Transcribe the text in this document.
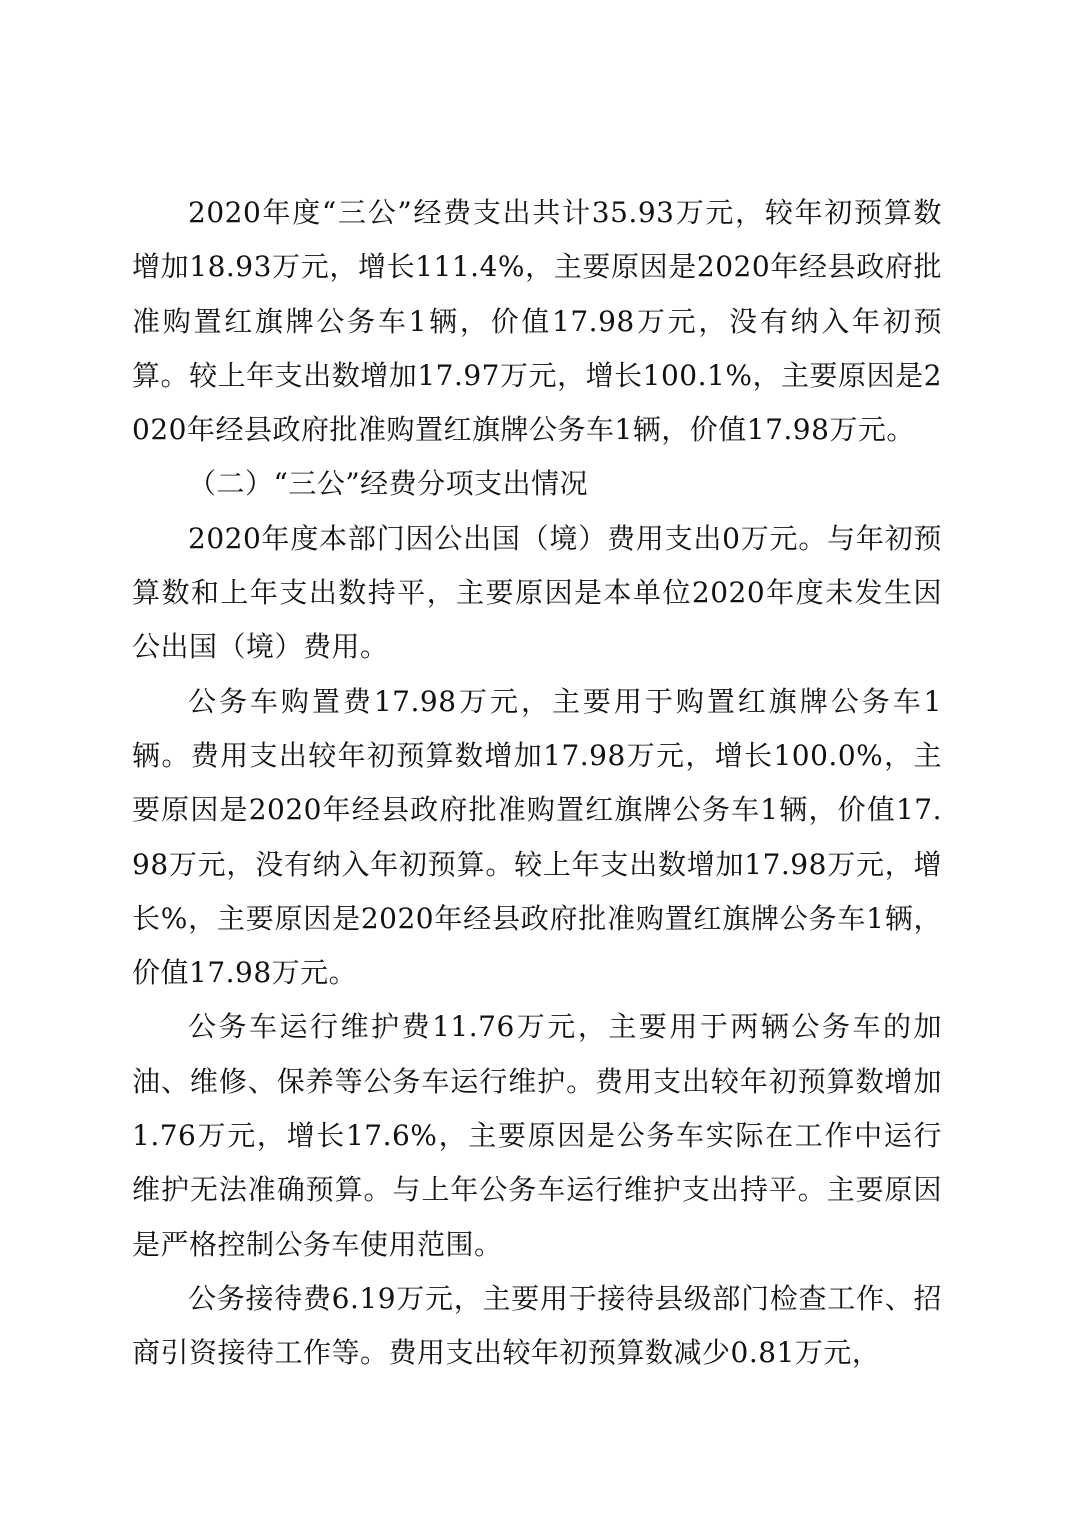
2020年度“三公”经费支出共计35.93万元，较年初预算数增加18.93万元，增长111.4%，主要原因是2020年经县政府批准购置红旗牌公务车1辆，价值17.98万元，没有纳入年初预算。较上年支出数增加17.97万元，增长100.1%，主要原因是2020年经县政府批准购置红旗牌公务车1辆，价值17.98万元。

（二）“三公”经费分项支出情况

2020年度本部门因公出国（境）费用支出0万元。与年初预算数和上年支出数持平，主要原因是本单位2020年度未发生因公出国（境）费用。

公务车购置费17.98万元，主要用于购置红旗牌公务车1辆。费用支出较年初预算数增加17.98万元，增长100.0%，主要原因是2020年经县政府批准购置红旗牌公务车1辆，价值17.98万元，没有纳入年初预算。较上年支出数增加17.98万元，增长%，主要原因是2020年经县政府批准购置红旗牌公务车1辆，价值17.98万元。

公务车运行维护费11.76万元，主要用于两辆公务车的加油、维修、保养等公务车运行维护。费用支出较年初预算数增加1.76万元，增长17.6%，主要原因是公务车实际在工作中运行维护无法准确预算。与上年公务车运行维护支出持平。主要原因是严格控制公务车使用范围。

公务接待费6.19万元，主要用于接待县级部门检查工作、招商引资接待工作等。费用支出较年初预算数减少0.81万元，
